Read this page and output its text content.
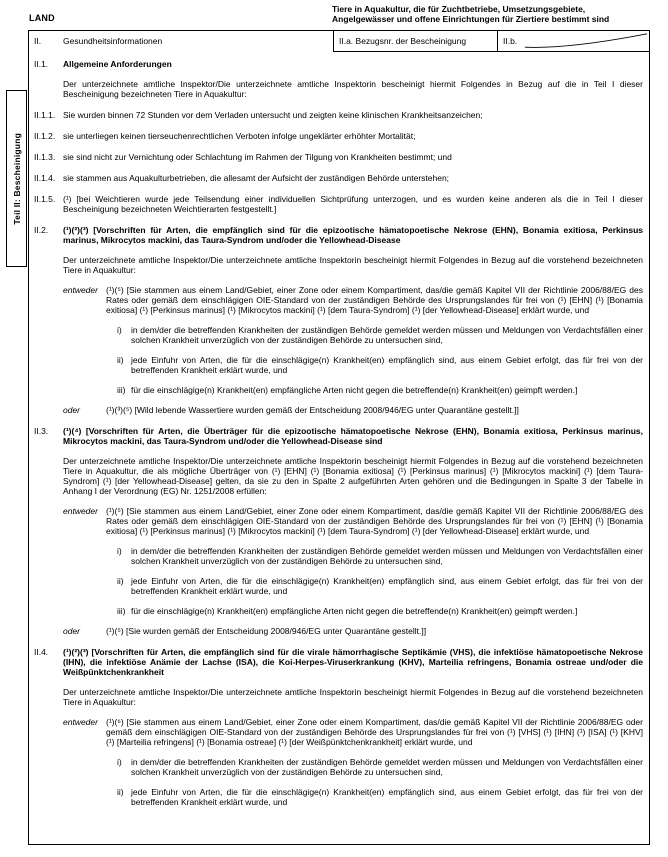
LAND
Tiere in Aquakultur, die für Zuchtbetriebe, Umsetzungsgebiete,
Angelgewässer und offene Einrichtungen für Ziertiere bestimmt sind
Teil II: Bescheinigung
II.a. Bezugsnr. der Bescheinigung	II.b.
II.	Gesundheitsinformationen
II.1.	Allgemeine Anforderungen

Der unterzeichnete amtliche Inspektor/Die unterzeichnete amtliche Inspektorin bescheinigt hiermit Folgendes in Bezug auf die in Teil I dieser Bescheinigung bezeichneten Tiere in Aquakultur:

II.1.1. Sie wurden binnen 72 Stunden vor dem Verladen untersucht und zeigten keine klinischen Krankheitsanzeichen;

II.1.2. sie unterliegen keinen tierseuchenrechtlichen Verboten infolge ungeklärter erhöhter Mortalität;

II.1.3. sie sind nicht zur Vernichtung oder Schlachtung im Rahmen der Tilgung von Krankheiten bestimmt; und

II.1.4. sie stammen aus Aquakulturbetrieben, die allesamt der Aufsicht der zuständigen Behörde unterstehen;

II.1.5. (¹) [bei Weichtieren wurde jede Teilsendung einer individuellen Sichtprüfung unterzogen, und es wurden keine anderen als die in Teil I dieser Bescheinigung bezeichneten Weichtierarten festgestellt.]

II.2.	(¹)(²)(³) [Vorschriften für Arten, die empfänglich sind für die epizootische hämatopoetische Nekrose (EHN), Bonamia exitiosa, Perkinsus marinus, Mikrocytos mackini, das Taura-Syndrom und/oder die Yellowhead-Disease

Der unterzeichnete amtliche Inspektor/Die unterzeichnete amtliche Inspektorin bescheinigt hiermit Folgendes in Bezug auf die vorstehend bezeichneten Tiere in Aquakultur:

entweder (¹)(⁵) [Sie stammen aus einem Land/Gebiet, einer Zone oder einem Kompartiment, das/die gemäß Kapitel VII der Richtlinie 2006/88/EG des Rates oder gemäß dem einschlägigen OIE-Standard von der zuständigen Behörde des Ursprungslandes für frei von (¹) [EHN] (¹) [Bonamia exitiosa] (¹) [Perkinsus marinus] (¹) [Mikrocytos mackini] (¹) [dem Taura-Syndrom] (¹) [der Yellowhead-Disease] erklärt wurde, und

i)	in dem/der die betreffenden Krankheiten der zuständigen Behörde gemeldet werden müssen und Meldungen von Verdachtsfällen einer solchen Krankheit unverzüglich von der zuständigen Behörde zu untersuchen sind,
ii) jede Einfuhr von Arten, die für die einschlägige(n) Krankheit(en) empfänglich sind, aus einem Gebiet erfolgt, das für frei von der betreffenden Krankheit erklärt wurde, und
iii) für die einschlägige(n) Krankheit(en) empfängliche Arten nicht gegen die betreffende(n) Krankheit(en) geimpft werden.]
oder	(¹)(³)(⁵) [Wild lebende Wassertiere wurden gemäß der Entscheidung 2008/946/EG unter Quarantäne gestellt.]]

II.3.	(¹)(⁴) [Vorschriften für Arten, die Überträger für die epizootische hämatopoetische Nekrose (EHN), Bonamia exitiosa, Perkinsus marinus, Mikrocytos mackini, das Taura-Syndrom und/oder die Yellowhead-Disease sind

Der unterzeichnete amtliche Inspektor/Die unterzeichnete amtliche Inspektorin bescheinigt hiermit Folgendes in Bezug auf die vorstehend bezeichneten Tiere in Aquakultur, die als mögliche Überträger von (¹) [EHN] (¹) [Bonamia exitiosa] (¹) [Perkinsus marinus] (¹) [Mikrocytos mackini] (¹) [dem Taura-Syndrom] (¹) [der Yellowhead-Disease] gelten, da sie zu den in Spalte 2 aufgeführten Arten gehören und die Bedingungen in Spalte 3 der Tabelle in Anhang I der Verordnung (EG) Nr. 1251/2008 erfüllen:

entweder (¹)(⁵) [Sie stammen aus einem Land/Gebiet, einer Zone oder einem Kompartiment, das/die gemäß Kapitel VII der Richtlinie 2006/88/EG des Rates oder gemäß dem einschlägigen OIE-Standard von der zuständigen Behörde des Ursprungslandes für frei von (¹) [EHN] (¹) [Bonamia exitiosa] (¹) [Perkinsus marinus] (¹) [Mikrocytos mackini] (¹) [dem Taura-Syndrom] (¹) [der Yellowhead-Disease] erklärt wurde, und

i)	in dem/der die betreffenden Krankheiten der zuständigen Behörde gemeldet werden müssen und Meldungen von Verdachtsfällen einer solchen Krankheit unverzüglich von der zuständigen Behörde zu untersuchen sind,
ii) jede Einfuhr von Arten, die für die einschlägige(n) Krankheit(en) empfänglich sind, aus einem Gebiet erfolgt, das für frei von der betreffenden Krankheit erklärt wurde, und
iii) für die einschlägige(n) Krankheit(en) empfängliche Arten nicht gegen die betreffende(n) Krankheit(en) geimpft werden.]
oder	(¹)(⁵) [Sie wurden gemäß der Entscheidung 2008/946/EG unter Quarantäne gestellt.]]

II.4.	(¹)(²)(³) [Vorschriften für Arten, die empfänglich sind für die virale hämorrhagische Septikämie (VHS), die infektiöse hämatopoetische Nekrose (IHN), die infektiöse Anämie der Lachse (ISA), die Koi-Herpes-Viruserkrankung (KHV), Marteilia refringens, Bonamia ostreae und/oder die Weißpünktchenkrankheit

Der unterzeichnete amtliche Inspektor/Die unterzeichnete amtliche Inspektorin bescheinigt hiermit Folgendes in Bezug auf die vorstehend bezeichneten Tiere in Aquakultur:

entweder (¹)(⁶) [Sie stammen aus einem Land/Gebiet, einer Zone oder einem Kompartiment, das/die gemäß Kapitel VII der Richtlinie 2006/88/EG oder gemäß dem einschlägigen OIE-Standard von der zuständigen Behörde des Ursprungslandes für frei von (¹) [VHS] (¹) [IHN] (¹) [ISA] (¹) [KHV] (¹) [Marteilia refringens] (¹) [Bonamia ostreae] (¹) [der Weißpünktchenkrankheit] erklärt wurde, und

i)	in dem/der die betreffenden Krankheiten der zuständigen Behörde gemeldet werden müssen und Meldungen von Verdachtsfällen einer solchen Krankheit unverzüglich von der zuständigen Behörde zu untersuchen sind,
ii) jede Einfuhr von Arten, die für die einschlägige(n) Krankheit(en) empfänglich sind, aus einem Gebiet erfolgt, das für frei von der betreffenden Krankheit erklärt wurde, und
